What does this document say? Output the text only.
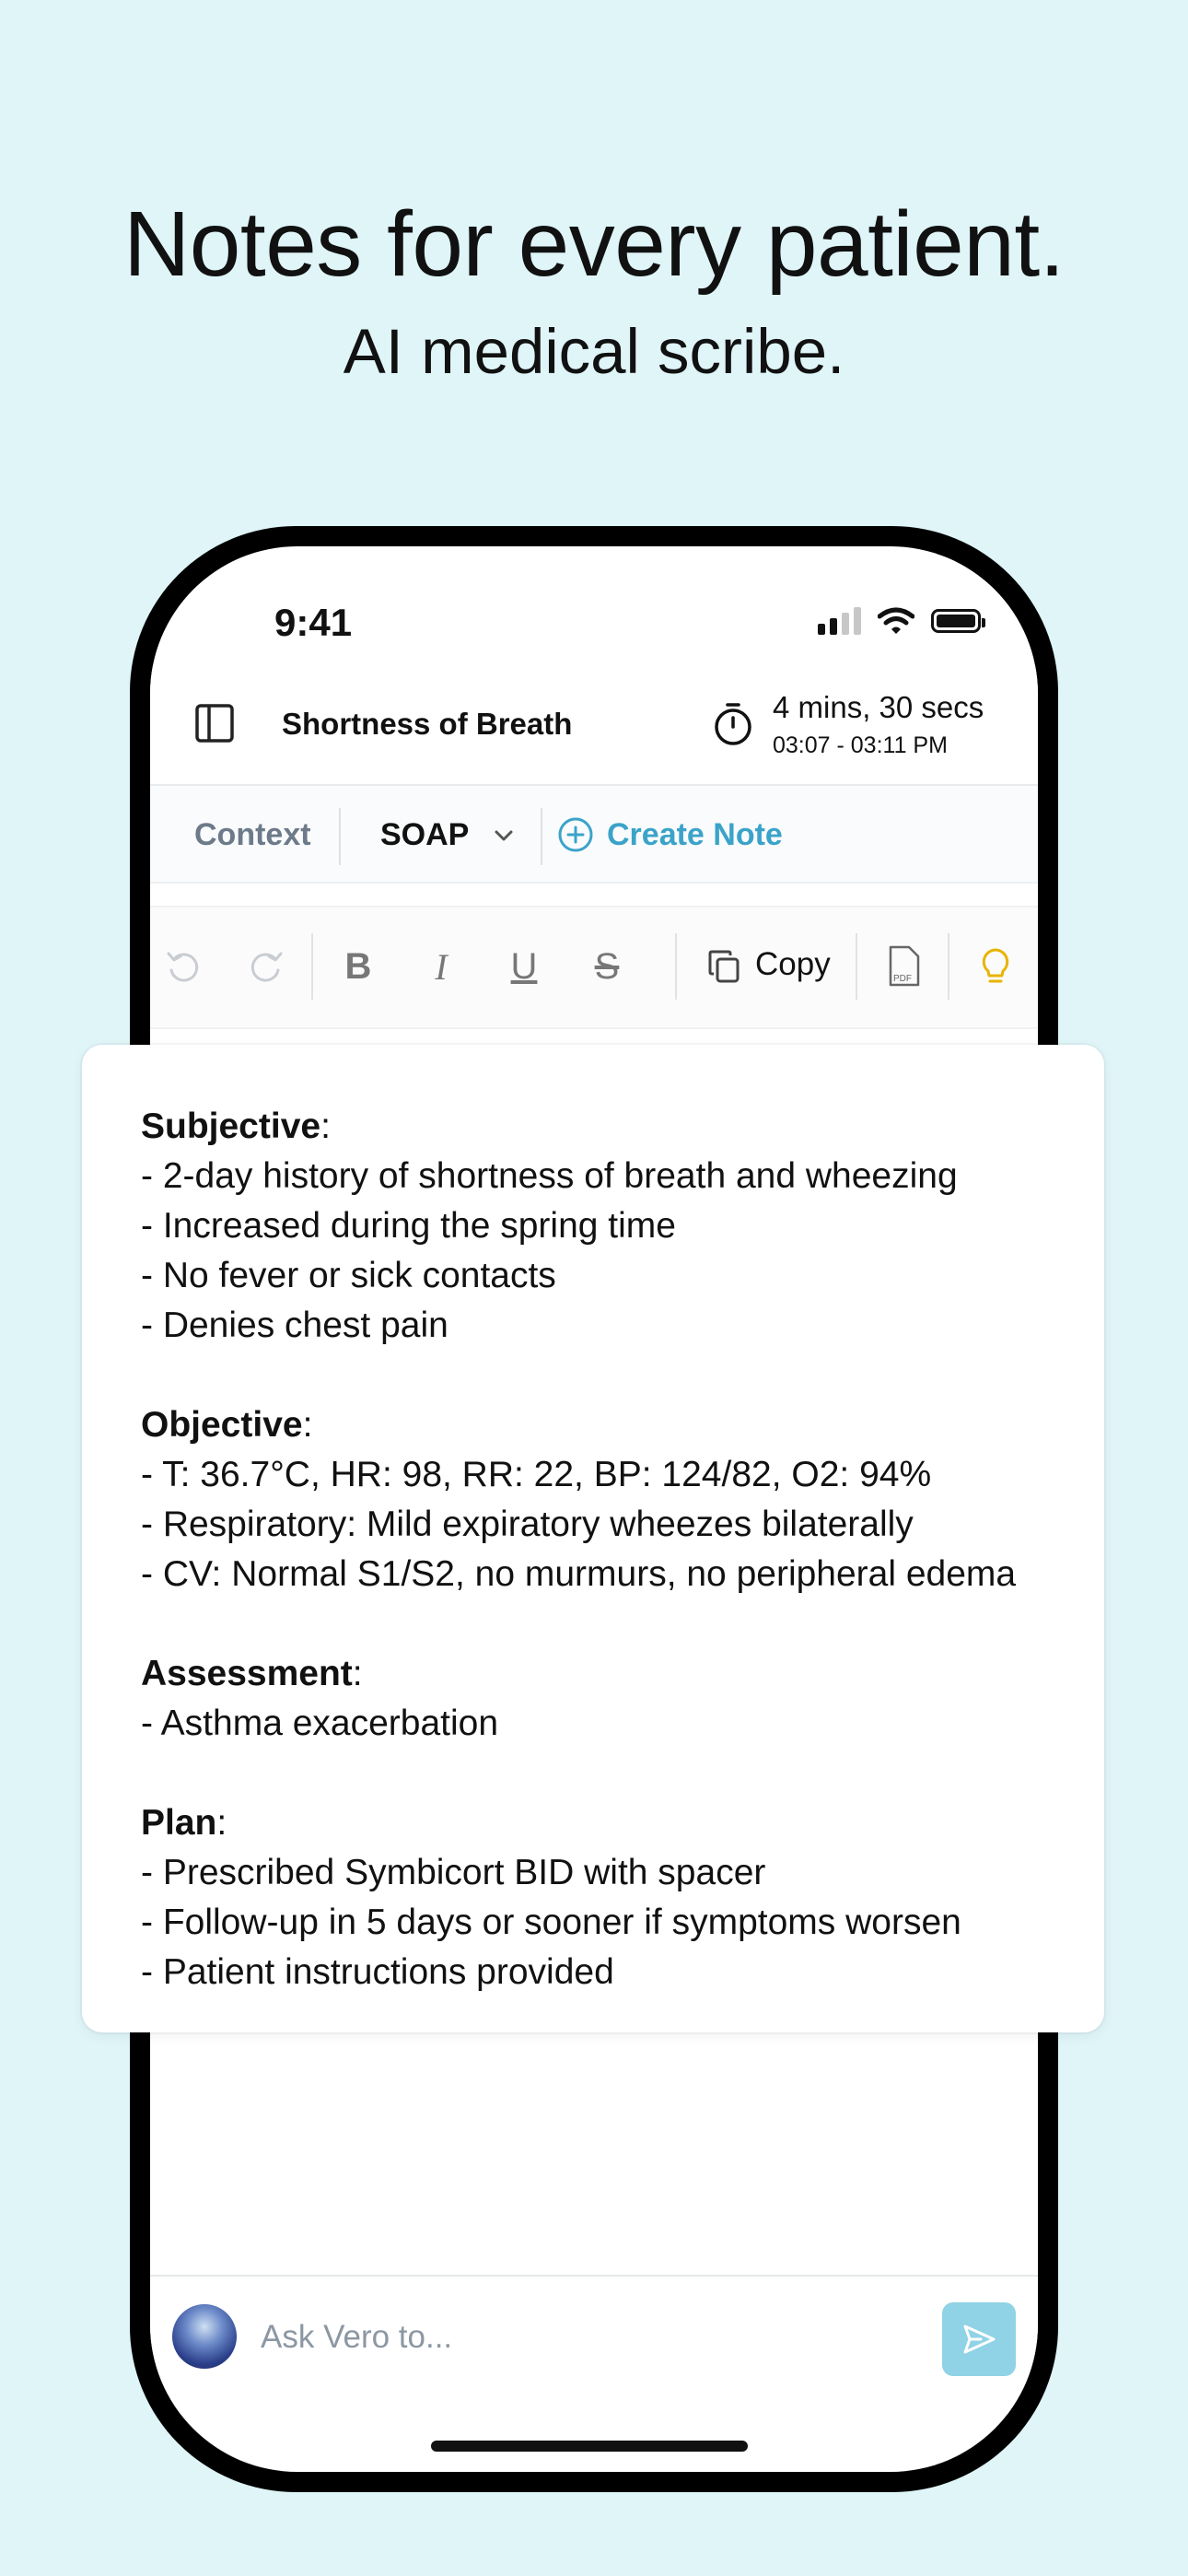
Notes for every patient.
AI medical scribe.
9:41
Shortness of Breath	4 mins, 30 secs
03:07 - 03:11 PM
Context SOAP	Create Note
B I U S	Copy	PDF
Ask Vero to...
Subjective:
- 2-day history of shortness of breath and wheezing
- Increased during the spring time
- No fever or sick contacts
- Denies chest pain
Objective:
- T: 36.7°C, HR: 98, RR: 22, BP: 124/82, O2: 94%
- Respiratory: Mild expiratory wheezes bilaterally
- CV: Normal S1/S2, no murmurs, no peripheral edema
Assessment:
- Asthma exacerbation
Plan:
- Prescribed Symbicort BID with spacer
- Follow-up in 5 days or sooner if symptoms worsen
- Patient instructions provided
